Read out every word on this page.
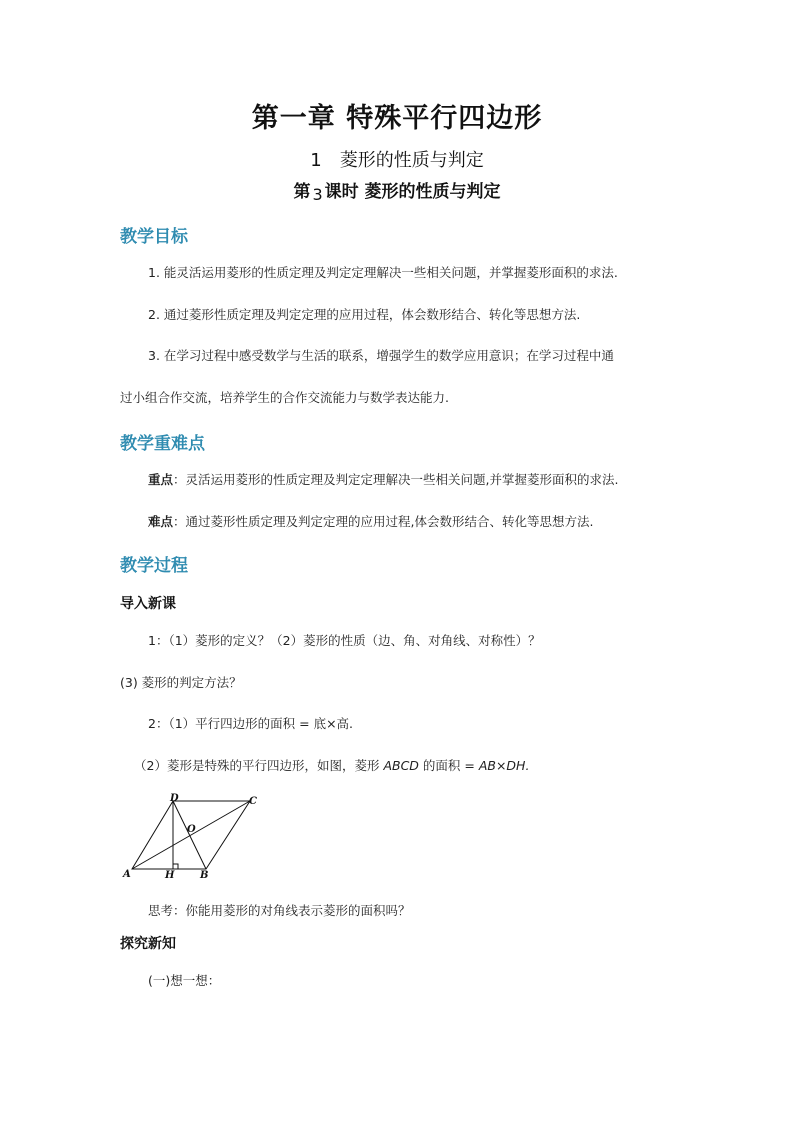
第一章 特殊平行四边形
1 菱形的性质与判定
第 3 课时 菱形的性质与判定
教学目标
1. 能灵活运用菱形的性质定理及判定定理解决一些相关问题，并掌握菱形面积的求法.
2. 通过菱形性质定理及判定定理的应用过程，体会数形结合、转化等思想方法.
3. 在学习过程中感受数学与生活的联系，增强学生的数学应用意识；在学习过程中通
过小组合作交流，培养学生的合作交流能力与数学表达能力.
教学重难点
重点：灵活运用菱形的性质定理及判定定理解决一些相关问题,并掌握菱形面积的求法.
难点：通过菱形性质定理及判定定理的应用过程,体会数形结合、转化等思想方法.
教学过程
导入新课
1：（1）菱形的定义？（2）菱形的性质（边、角、对角线、对称性）？
(3) 菱形的判定方法？
2：（1）平行四边形的面积 = 底×高.
（2）菱形是特殊的平行四边形，如图，菱形 ABCD 的面积 = AB×DH.
A	H	B
C
D
O
思考：你能用菱形的对角线表示菱形的面积吗？
探究新知
(一)想一想：
